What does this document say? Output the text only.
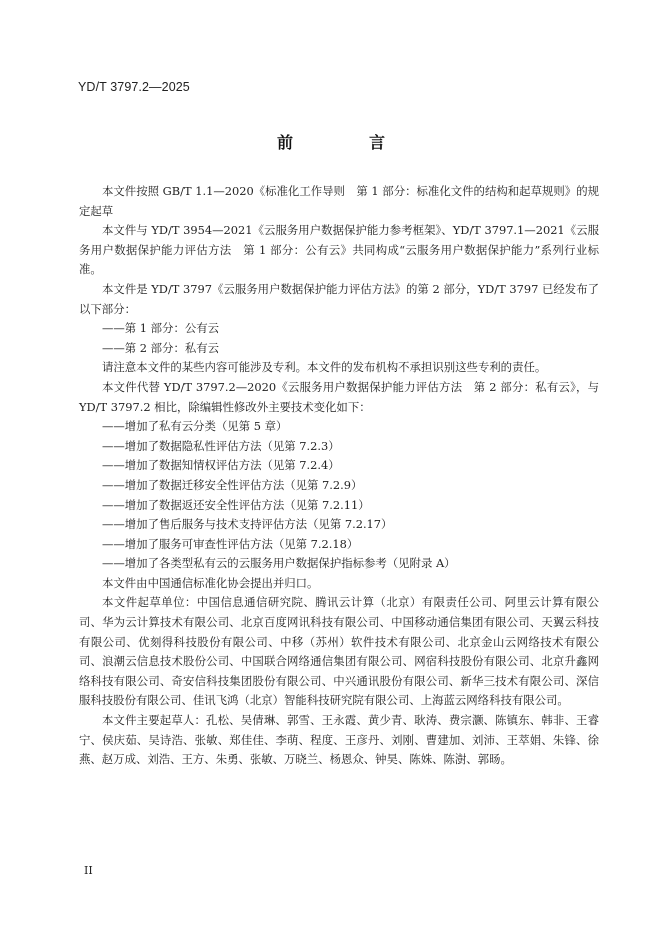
YD/T 3797.2—2025
前　言

本文件按照 GB/T 1.1—2020《标准化工作导则　第 1 部分：标准化文件的结构和起草规则》的规定起草

本文件与 YD/T 3954—2021《云服务用户数据保护能力参考框架》、YD/T 3797.1—2021《云服务用户数据保护能力评估方法　第 1 部分：公有云》共同构成“云服务用户数据保护能力”系列行业标准。

本文件是 YD/T 3797《云服务用户数据保护能力评估方法》的第 2 部分，YD/T 3797 已经发布了以下部分：

——第 1 部分：公有云

——第 2 部分：私有云

请注意本文件的某些内容可能涉及专利。本文件的发布机构不承担识别这些专利的责任。

本文件代替 YD/T 3797.2—2020《云服务用户数据保护能力评估方法　第 2 部分：私有云》，与 YD/T 3797.2 相比，除编辑性修改外主要技术变化如下：

——增加了私有云分类（见第 5 章）

——增加了数据隐私性评估方法（见第 7.2.3）

——增加了数据知情权评估方法（见第 7.2.4）

——增加了数据迁移安全性评估方法（见第 7.2.9）

——增加了数据返还安全性评估方法（见第 7.2.11）

——增加了售后服务与技术支持评估方法（见第 7.2.17）

——增加了服务可审查性评估方法（见第 7.2.18）

——增加了各类型私有云的云服务用户数据保护指标参考（见附录 A）

本文件由中国通信标准化协会提出并归口。

本文件起草单位：中国信息通信研究院、腾讯云计算（北京）有限责任公司、阿里云计算有限公司、华为云计算技术有限公司、北京百度网讯科技有限公司、中国移动通信集团有限公司、天翼云科技有限公司、优刻得科技股份有限公司、中移（苏州）软件技术有限公司、北京金山云网络技术有限公司、浪潮云信息技术股份公司、中国联合网络通信集团有限公司、网宿科技股份有限公司、北京升鑫网络科技有限公司、奇安信科技集团股份有限公司、中兴通讯股份有限公司、新华三技术有限公司、深信服科技股份有限公司、佳讯飞鸿（北京）智能科技研究院有限公司、上海蓝云网络科技有限公司。

本文件主要起草人：孔松、吴倩琳、郭雪、王永霞、黄少青、耿涛、费宗灏、陈镇东、韩非、王睿宁、侯庆茹、吴诗浩、张敏、郑佳佳、李萌、程度、王彦丹、刘刚、曹建加、刘沛、王萃娟、朱锋、徐燕、赵万成、刘浩、王方、朱勇、张敏、万晓兰、杨恩众、钟昊、陈姝、陈澍、郭旸。

II
